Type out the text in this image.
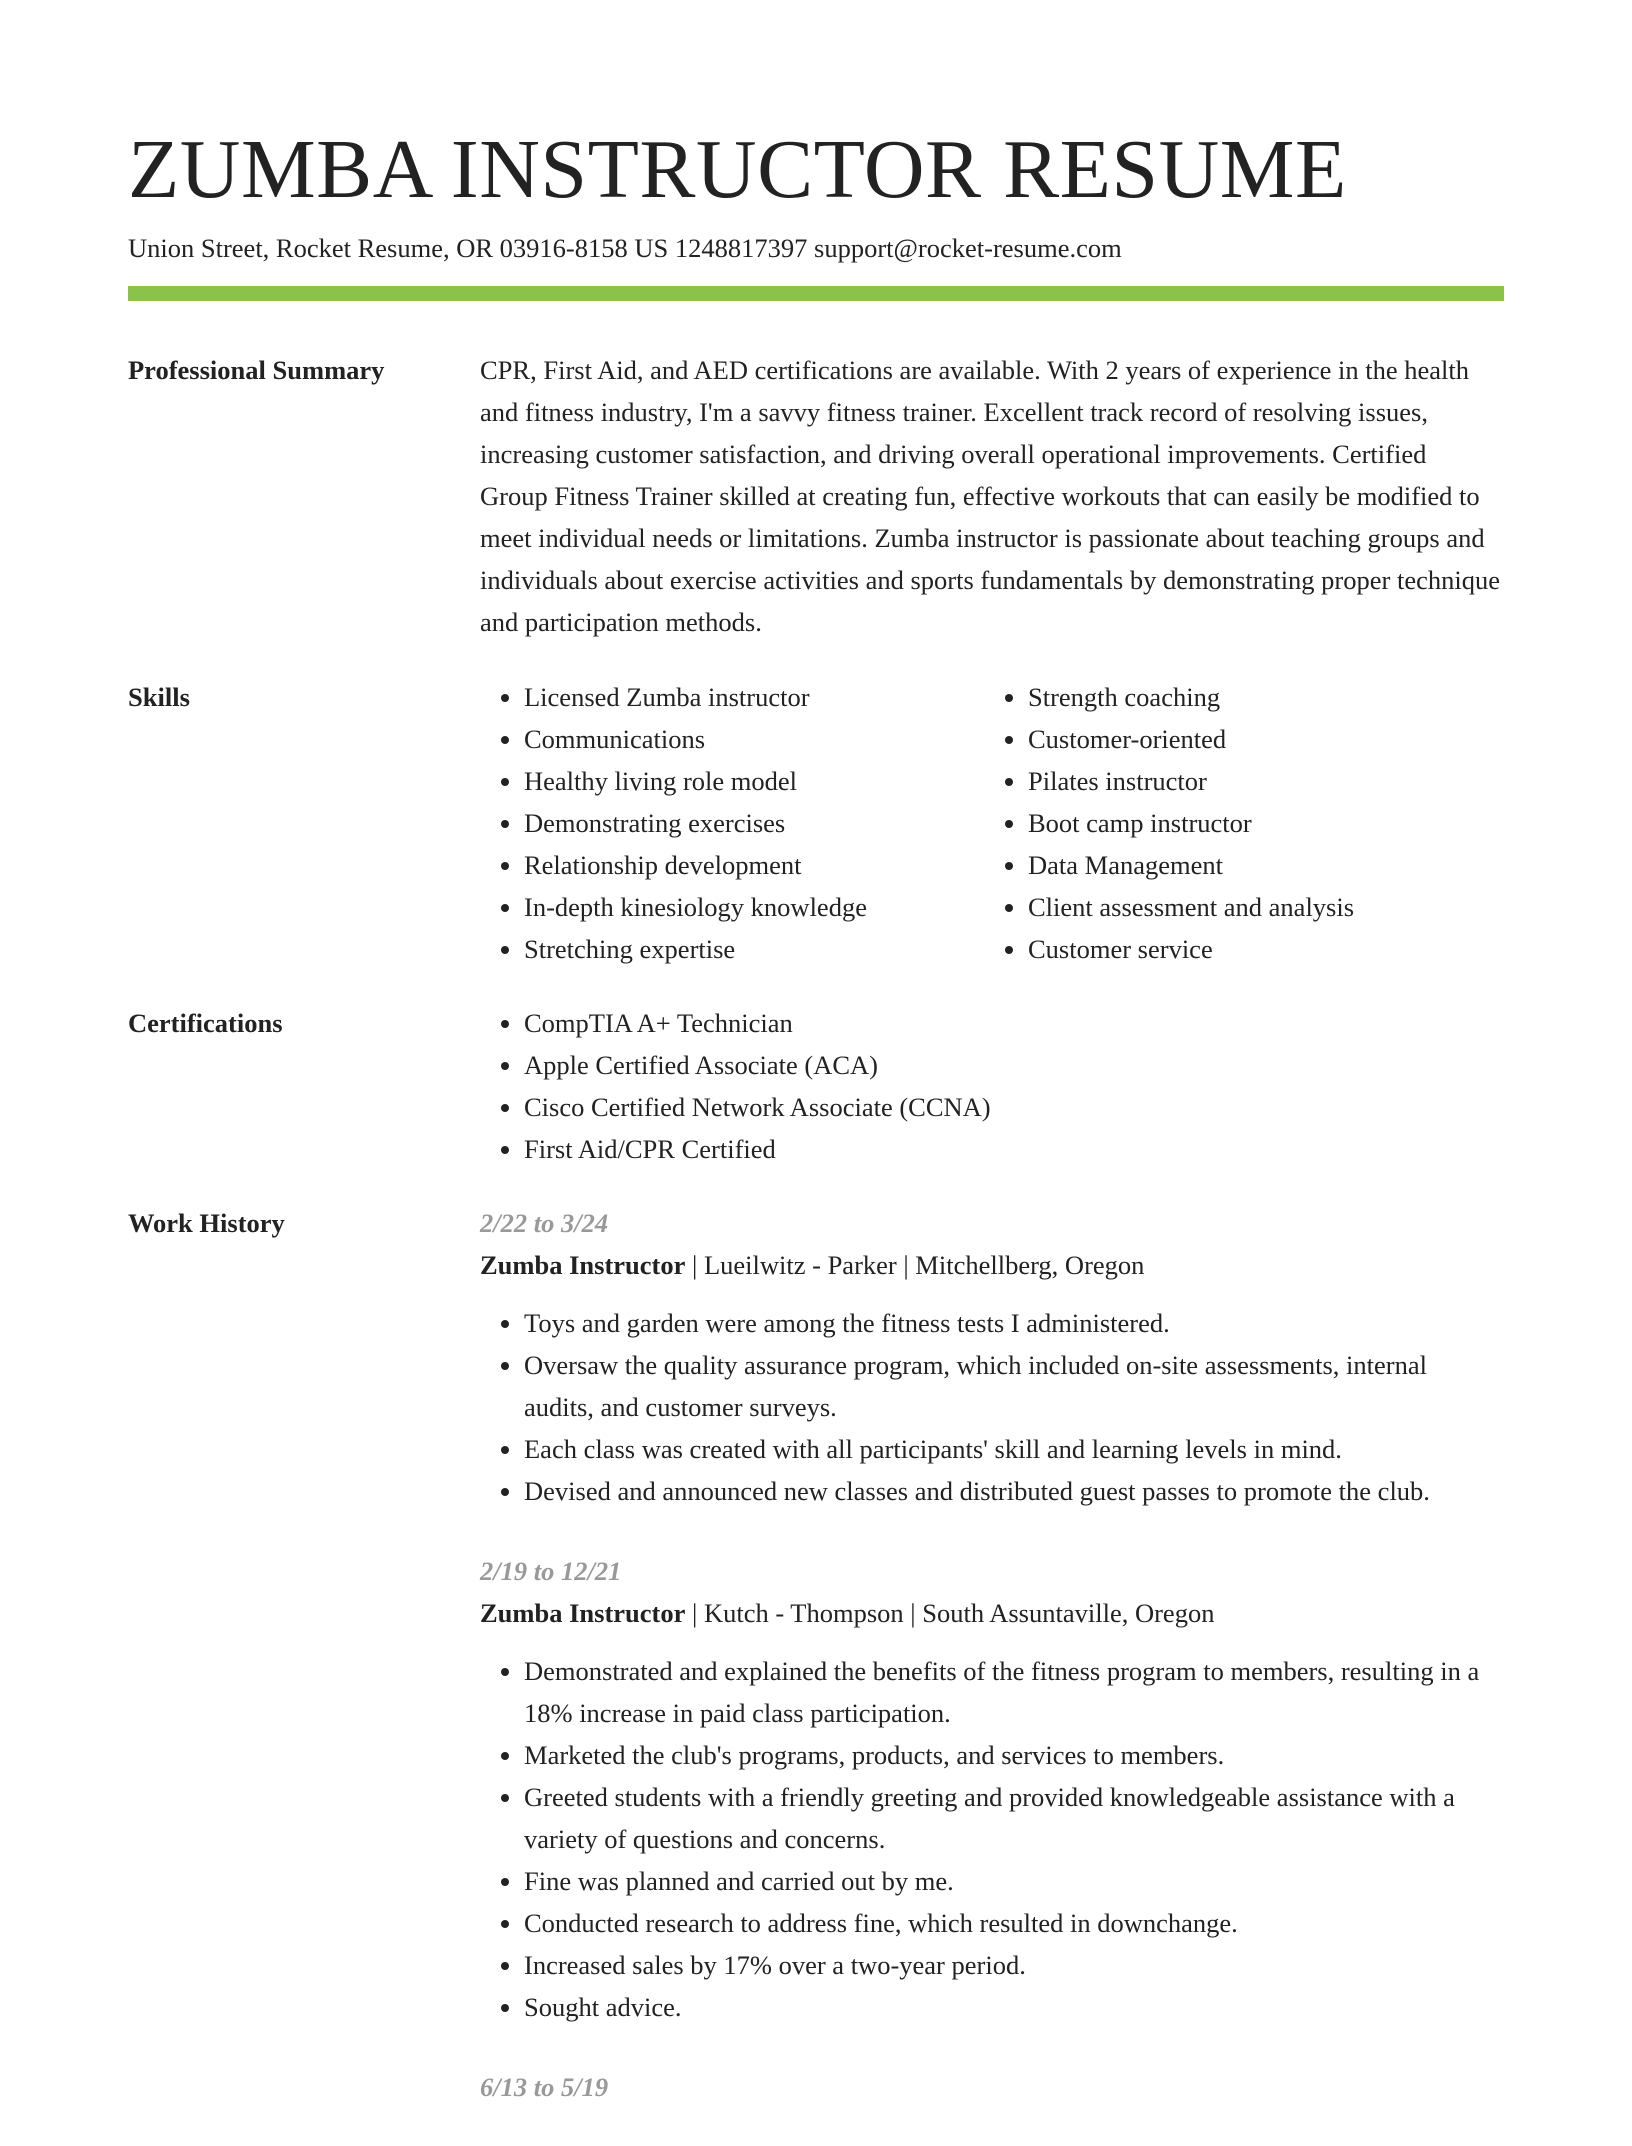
ZUMBA INSTRUCTOR RESUME
Union Street, Rocket Resume, OR 03916-8158 US 1248817397 support@rocket-resume.com
Professional Summary	CPR, First Aid, and AED certifications are available. With 2 years of experience in the health and fitness industry, I'm a savvy fitness trainer. Excellent track record of resolving issues, increasing customer satisfaction, and driving overall operational improvements. Certified Group Fitness Trainer skilled at creating fun, effective workouts that can easily be modified to meet individual needs or limitations. Zumba instructor is passionate about teaching groups and individuals about exercise activities and sports fundamentals by demonstrating proper technique and participation methods.

Skills	• Licensed Zumba instructor
• Communications
• Healthy living role model
• Demonstrating exercises
• Relationship development
• In-depth kinesiology knowledge
• Stretching expertise
• Strength coaching
• Customer-oriented
• Pilates instructor
• Boot camp instructor
• Data Management
• Client assessment and analysis
• Customer service
Certifications	• CompTIA A+ Technician
• Apple Certified Associate (ACA)
• Cisco Certified Network Associate (CCNA)
• First Aid/CPR Certified
Work History	2/22 to 3/24
Zumba Instructor | Lueilwitz - Parker | Mitchellberg, Oregon
• Toys and garden were among the fitness tests I administered.
• Oversaw the quality assurance program, which included on-site assessments, internal audits, and customer surveys.
• Each class was created with all participants' skill and learning levels in mind.
• Devised and announced new classes and distributed guest passes to promote the club.
2/19 to 12/21
Zumba Instructor | Kutch - Thompson | South Assuntaville, Oregon
• Demonstrated and explained the benefits of the fitness program to members, resulting in a 18% increase in paid class participation.
• Marketed the club's programs, products, and services to members.
• Greeted students with a friendly greeting and provided knowledgeable assistance with a variety of questions and concerns.
• Fine was planned and carried out by me.
• Conducted research to address fine, which resulted in downchange.
• Increased sales by 17% over a two-year period.
• Sought advice.
6/13 to 5/19
